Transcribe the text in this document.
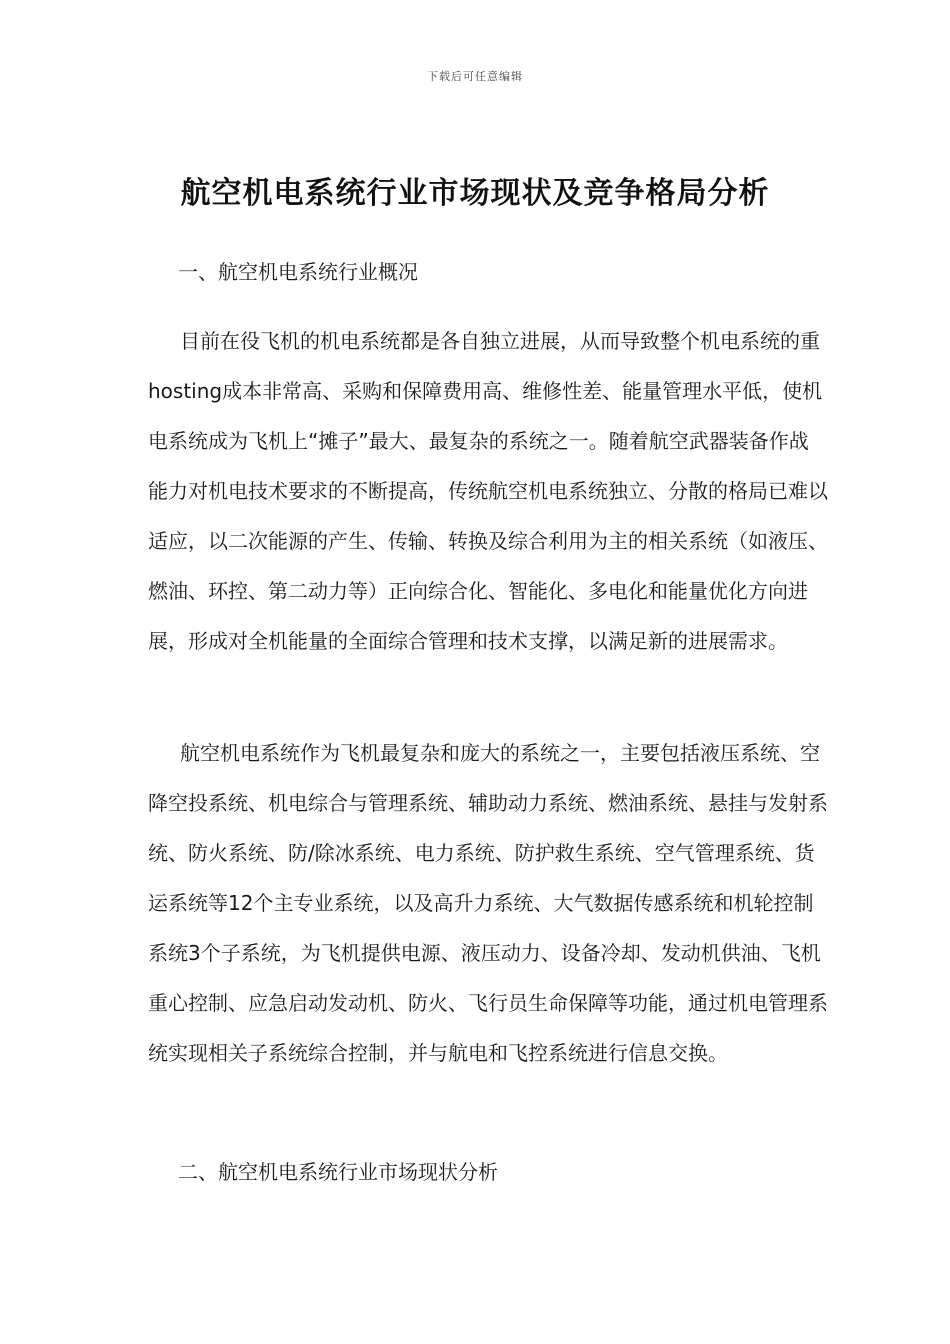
下载后可任意编辑
航空机电系统行业市场现状及竞争格局分析
一、航空机电系统行业概况

目前在役飞机的机电系统都是各自独立进展，从而导致整个机电系统的重hosting成本非常高、采购和保障费用高、维修性差、能量管理水平低，使机电系统成为飞机上“摊子”最大、最复杂的系统之一。随着航空武器装备作战能力对机电技术要求的不断提高，传统航空机电系统独立、分散的格局已难以适应，以二次能源的产生、传输、转换及综合利用为主的相关系统（如液压、燃油、环控、第二动力等）正向综合化、智能化、多电化和能量优化方向进展，形成对全机能量的全面综合管理和技术支撑，以满足新的进展需求。

航空机电系统作为飞机最复杂和庞大的系统之一，主要包括液压系统、空降空投系统、机电综合与管理系统、辅助动力系统、燃油系统、悬挂与发射系统、防火系统、防/除冰系统、电力系统、防护救生系统、空气管理系统、货运系统等12个主专业系统，以及高升力系统、大气数据传感系统和机轮控制系统3个子系统，为飞机提供电源、液压动力、设备冷却、发动机供油、飞机重心控制、应急启动发动机、防火、飞行员生命保障等功能，通过机电管理系统实现相关子系统综合控制，并与航电和飞控系统进行信息交换。

二、航空机电系统行业市场现状分析
